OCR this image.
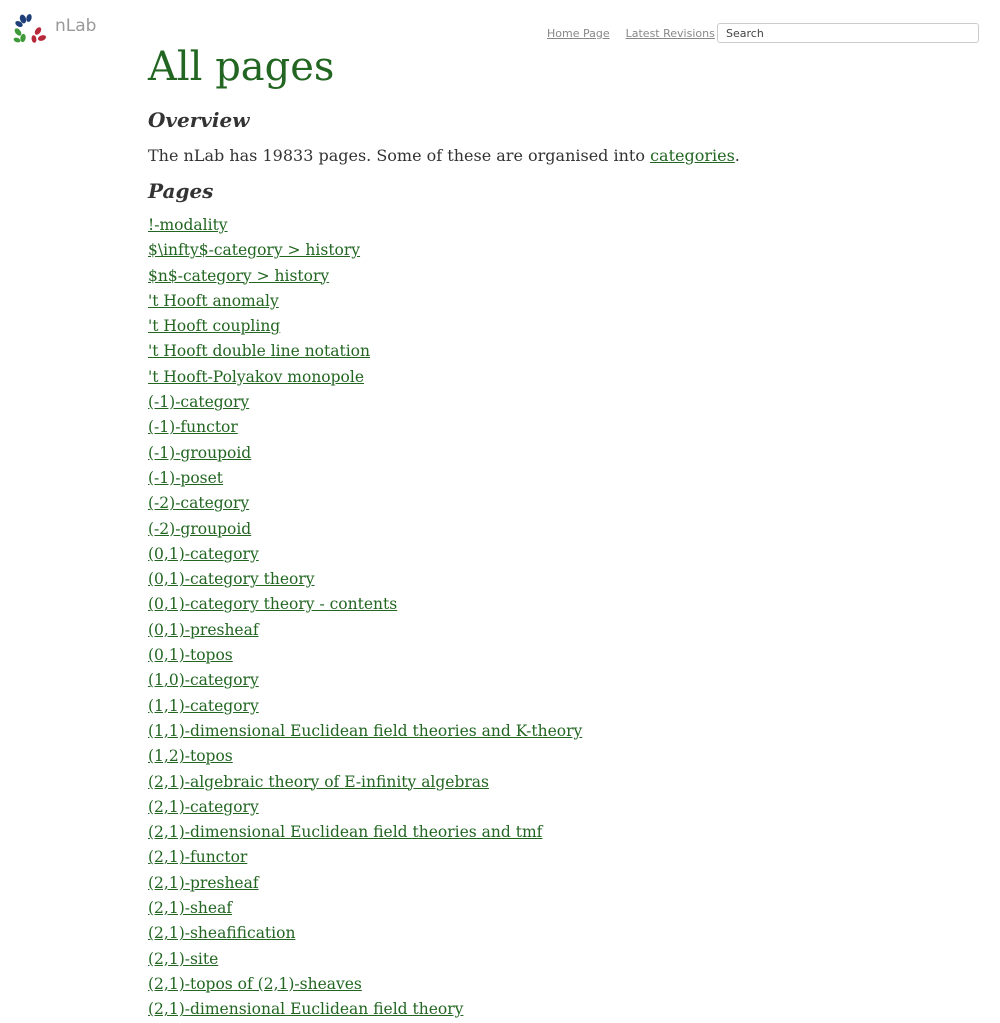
nLab	Home Page Latest Revisions
Search
All pages
Overview

The nLab has 19833 pages. Some of these are organised into categories.

Pages
!-modality
$\infty$-category > history
$n$-category > history
't Hooft anomaly
't Hooft coupling
't Hooft double line notation
't Hooft-Polyakov monopole
(-1)-category
(-1)-functor
(-1)-groupoid
(-1)-poset
(-2)-category
(-2)-groupoid
(0,1)-category
(0,1)-category theory
(0,1)-category theory - contents
(0,1)-presheaf
(0,1)-topos
(1,0)-category
(1,1)-category
(1,1)-dimensional Euclidean field theories and K-theory
(1,2)-topos
(2,1)-algebraic theory of E-infinity algebras
(2,1)-category
(2,1)-dimensional Euclidean field theories and tmf
(2,1)-functor
(2,1)-presheaf
(2,1)-sheaf
(2,1)-sheafification
(2,1)-site
(2,1)-topos of (2,1)-sheaves
(2,1)-dimensional Euclidean field theory
